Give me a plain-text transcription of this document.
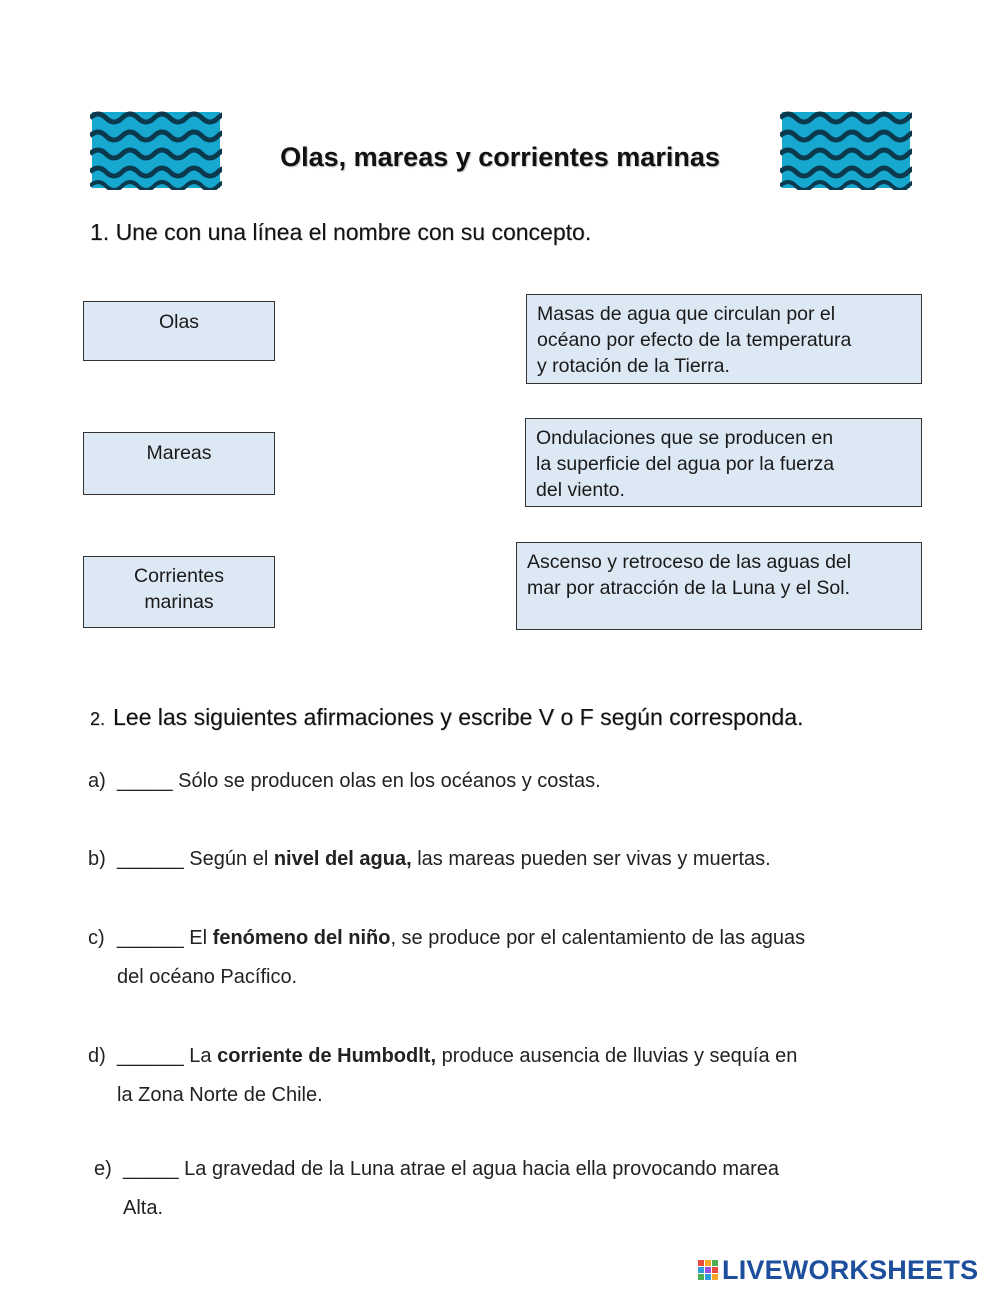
Olas, mareas y corrientes marinas
1. Une con una línea el nombre con su concepto.
Olas
Mareas
Corrientes
marinas
Masas de agua que circulan por el
océano por efecto de la temperatura
y rotación de la Tierra.
Ondulaciones que se producen en
la superficie del agua por la fuerza
del viento.
Ascenso y retroceso de las aguas del
mar por atracción de la Luna y el Sol.
2. Lee las siguientes afirmaciones y escribe V o F según corresponda.
a) _____ Sólo se producen olas en los océanos y costas.
b) ______ Según el nivel del agua, las mareas pueden ser vivas y muertas.
c) ______ El fenómeno del niño, se produce por el calentamiento de las aguas
del océano Pacífico.
d) ______ La corriente de Humbodlt, produce ausencia de lluvias y sequía en
la Zona Norte de Chile.
e) _____ La gravedad de la Luna atrae el agua hacia ella provocando marea
Alta.
LIVEWORKSHEETS
